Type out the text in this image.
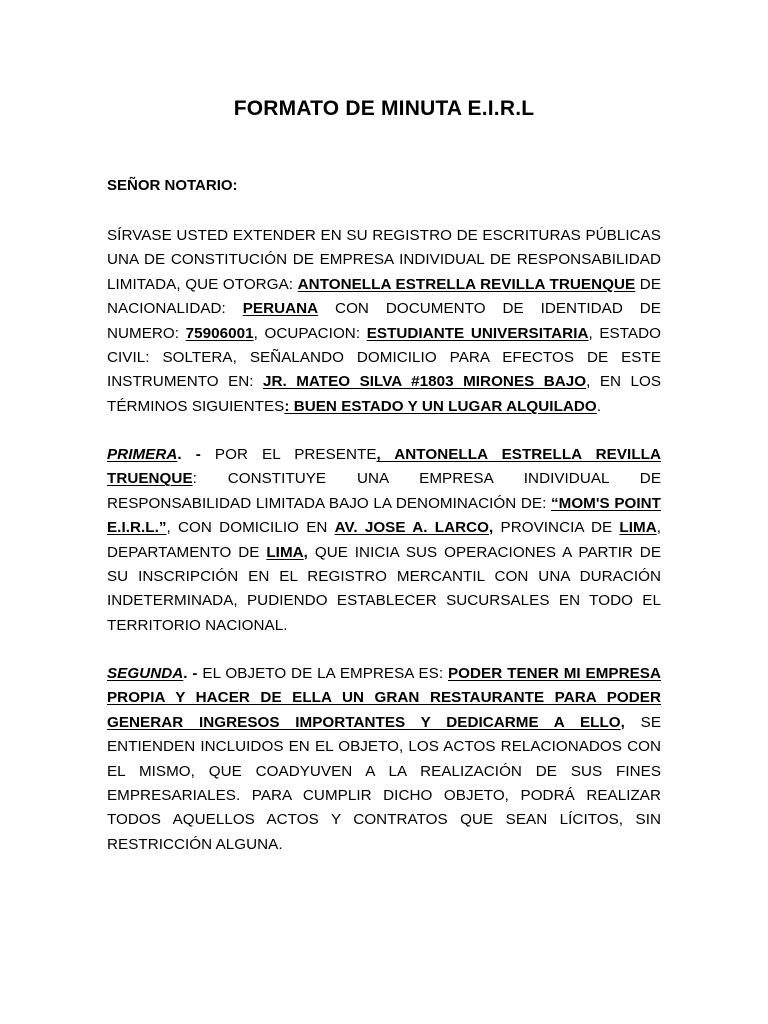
FORMATO DE MINUTA E.I.R.L

SEÑOR NOTARIO:

SÍRVASE USTED EXTENDER EN SU REGISTRO DE ESCRITURAS PÚBLICAS UNA DE CONSTITUCIÓN DE EMPRESA INDIVIDUAL DE RESPONSABILIDAD LIMITADA, QUE OTORGA: ANTONELLA ESTRELLA REVILLA TRUENQUE DE NACIONALIDAD: PERUANA CON DOCUMENTO DE IDENTIDAD DE NUMERO: 75906001, OCUPACION: ESTUDIANTE UNIVERSITARIA, ESTADO CIVIL: SOLTERA, SEÑALANDO DOMICILIO PARA EFECTOS DE ESTE INSTRUMENTO EN: JR. MATEO SILVA #1803 MIRONES BAJO, EN LOS TÉRMINOS SIGUIENTES: BUEN ESTADO Y UN LUGAR ALQUILADO.

PRIMERA. - POR EL PRESENTE, ANTONELLA ESTRELLA REVILLA TRUENQUE: CONSTITUYE UNA EMPRESA INDIVIDUAL DE RESPONSABILIDAD LIMITADA BAJO LA DENOMINACIÓN DE: “MOM'S POINT E.I.R.L.”, CON DOMICILIO EN AV. JOSE A. LARCO, PROVINCIA DE LIMA, DEPARTAMENTO DE LIMA, QUE INICIA SUS OPERACIONES A PARTIR DE SU INSCRIPCIÓN EN EL REGISTRO MERCANTIL CON UNA DURACIÓN INDETERMINADA, PUDIENDO ESTABLECER SUCURSALES EN TODO EL TERRITORIO NACIONAL.

SEGUNDA. - EL OBJETO DE LA EMPRESA ES: PODER TENER MI EMPRESA PROPIA Y HACER DE ELLA UN GRAN RESTAURANTE PARA PODER GENERAR INGRESOS IMPORTANTES Y DEDICARME A ELLO, SE ENTIENDEN INCLUIDOS EN EL OBJETO, LOS ACTOS RELACIONADOS CON EL MISMO, QUE COADYUVEN A LA REALIZACIÓN DE SUS FINES EMPRESARIALES. PARA CUMPLIR DICHO OBJETO, PODRÁ REALIZAR TODOS AQUELLOS ACTOS Y CONTRATOS QUE SEAN LÍCITOS, SIN RESTRICCIÓN ALGUNA.
